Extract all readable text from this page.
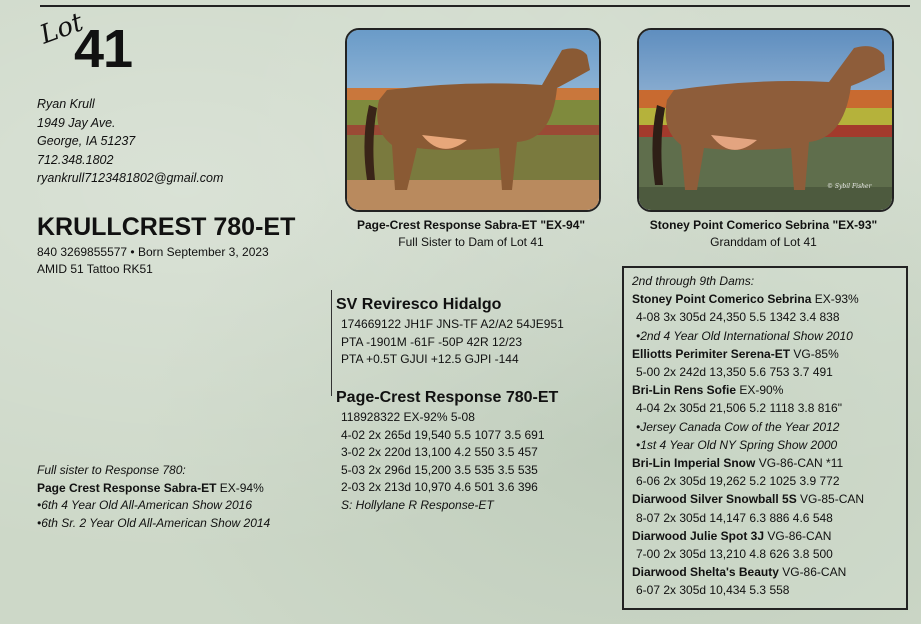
Lot
41
Ryan Krull
1949 Jay Ave.
George, IA 51237
712.348.1802
ryankrull7123481802@gmail.com
KRULLCREST 780-ET
840 3269855577 • Born September 3, 2023
AMID 51 Tattoo RK51
© Sybil Fisher
Page-Crest Response Sabra-ET "EX-94"
Full Sister to Dam of Lot 41
Stoney Point Comerico Sebrina "EX-93"
Granddam of Lot 41
SV Reviresco Hidalgo
174669122 JH1F JNS-TF A2/A2 54JE951
PTA -1901M -61F -50P 42R 12/23
PTA +0.5T GJUI +12.5 GJPI -144
Page-Crest Response 780-ET
118928322 EX-92% 5-08
4-02 2x 265d 19,540 5.5 1077 3.5 691
3-02 2x 220d 13,100 4.2 550 3.5 457
5-03 2x 296d 15,200 3.5 535 3.5 535
2-03 2x 213d 10,970 4.6 501 3.6 396
S: Hollylane R Response-ET
Full sister to Response 780:
Page Crest Response Sabra-ET EX-94%
•6th 4 Year Old All-American Show 2016
•6th Sr. 2 Year Old All-American Show 2014
2nd through 9th Dams:
Stoney Point Comerico Sebrina EX-93%
4-08 3x 305d 24,350 5.5 1342 3.4 838
•2nd 4 Year Old International Show 2010
Elliotts Perimiter Serena-ET VG-85%
5-00 2x 242d 13,350 5.6 753 3.7 491
Bri-Lin Rens Sofie EX-90%
4-04 2x 305d 21,506 5.2 1118 3.8 816"
•Jersey Canada Cow of the Year 2012
•1st 4 Year Old NY Spring Show 2000
Bri-Lin Imperial Snow VG-86-CAN *11
6-06 2x 305d 19,262 5.2 1025 3.9 772
Diarwood Silver Snowball 5S VG-85-CAN
8-07 2x 305d 14,147 6.3 886 4.6 548
Diarwood Julie Spot 3J VG-86-CAN
7-00 2x 305d 13,210 4.8 626 3.8 500
Diarwood Shelta's Beauty VG-86-CAN
6-07 2x 305d 10,434 5.3 558
